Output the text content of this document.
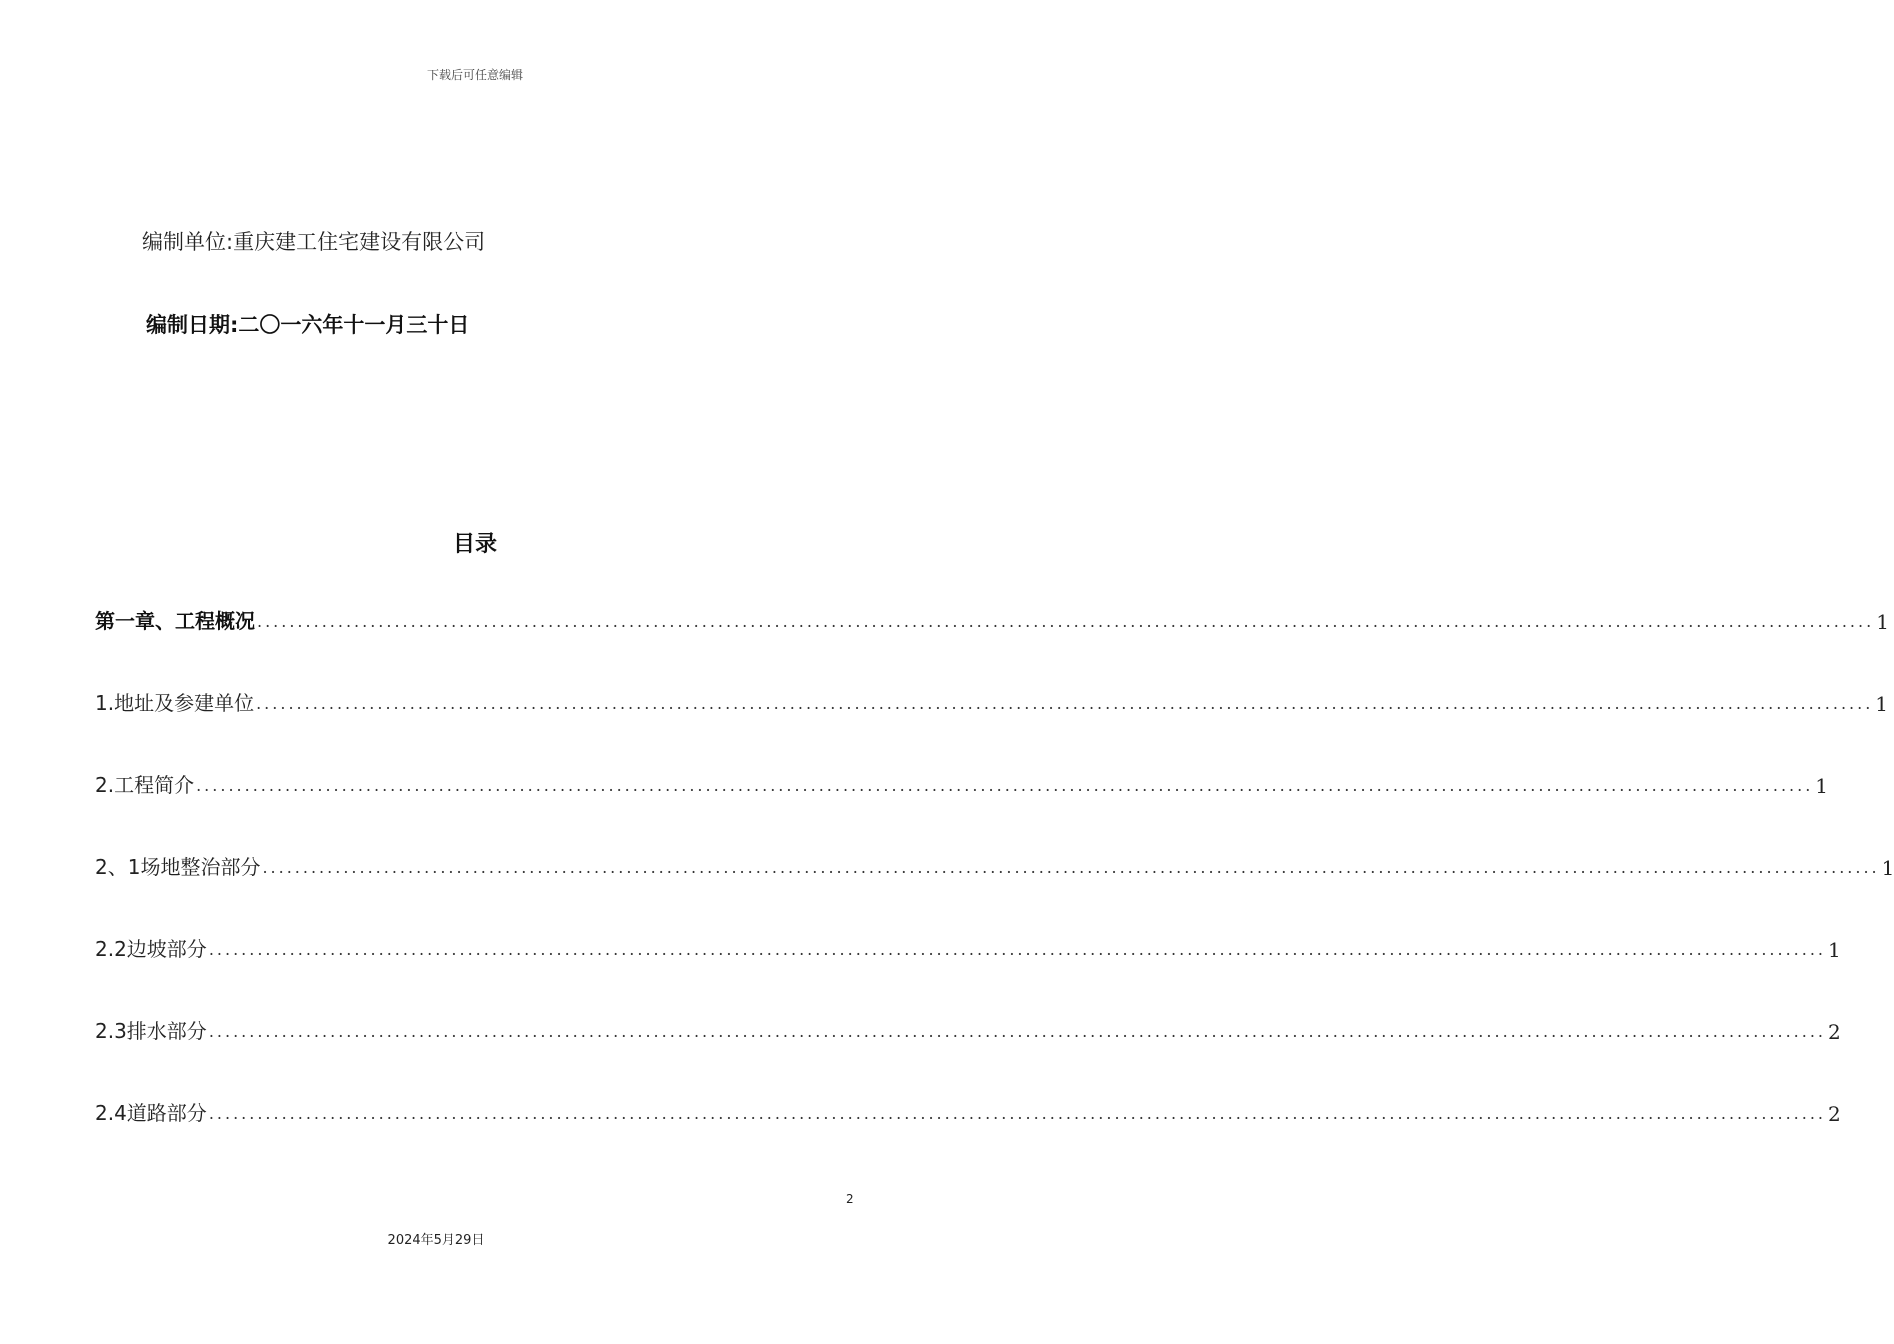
下载后可任意编辑
编制单位:重庆建工住宅建设有限公司
编制日期:二〇一六年十一月三十日
目录
第一章、工程概况 ........................................................................................................................................................................................................ 1
1.地址及参建单位 ........................................................................................................................................................................................................ 1
2.工程简介 ........................................................................................................................................................................................................ 1
2、1场地整治部分 ........................................................................................................................................................................................................ 1
2.2边坡部分 ........................................................................................................................................................................................................ 1
2.3排水部分 ........................................................................................................................................................................................................ 2
2.4道路部分 ........................................................................................................................................................................................................ 2
2
2024年5月29日
